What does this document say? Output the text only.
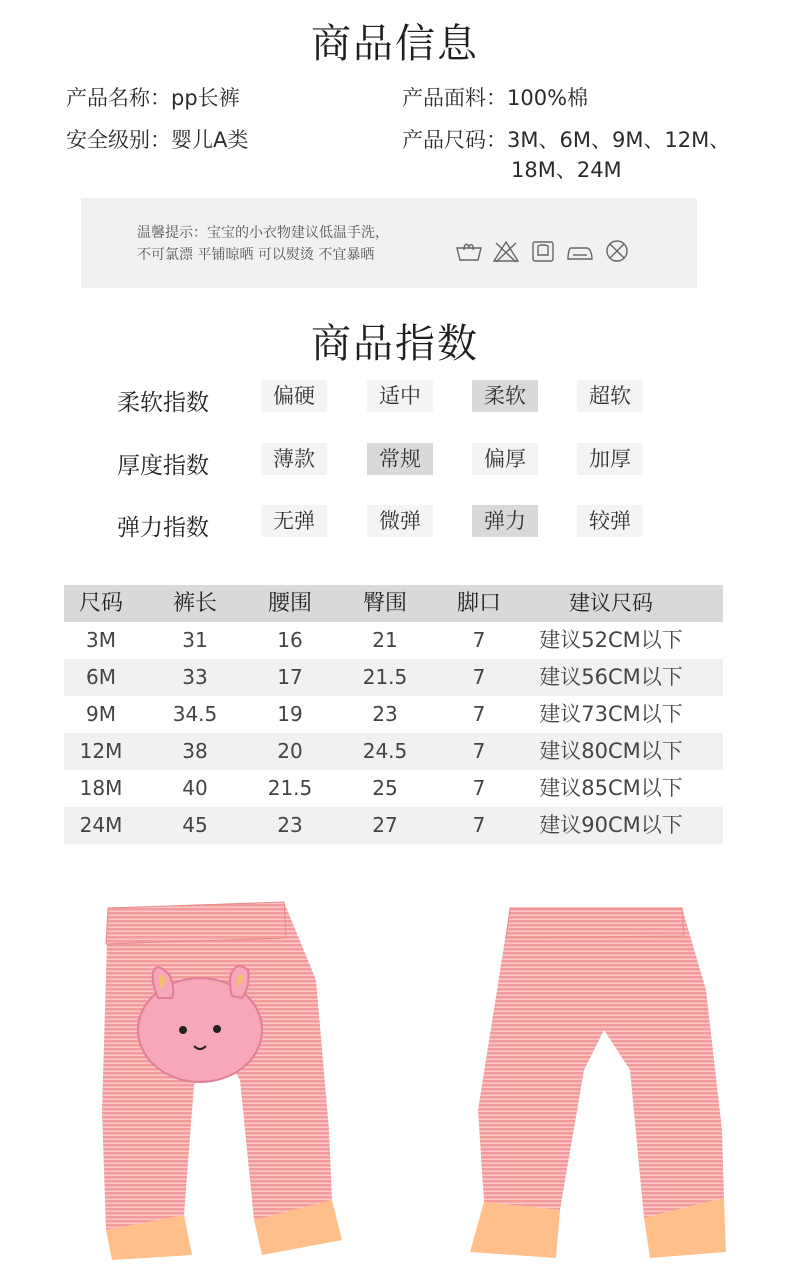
商品信息
产品名称：pp长裤	产品面料：100%棉
安全级别：婴儿A类	产品尺码：3M、6M、9M、12M、
18M、24M
温馨提示：宝宝的小衣物建议低温手洗，
不可氯漂 平铺晾晒 可以熨烫 不宜暴晒
商品指数
柔软指数	偏硬	适中	柔软	超软
厚度指数	薄款	常规	偏厚	加厚
弹力指数	无弹	微弹	弹力	较弹
尺码	裤长	腰围	臀围	脚口	建议尺码
3M	31	16	21	7	建议52CM以下
6M	33	17	21.5	7	建议56CM以下
9M	34.5	19	23	7	建议73CM以下
12M	38	20	24.5	7	建议80CM以下
18M	40	21.5	25	7	建议85CM以下
24M	45	23	27	7	建议90CM以下
